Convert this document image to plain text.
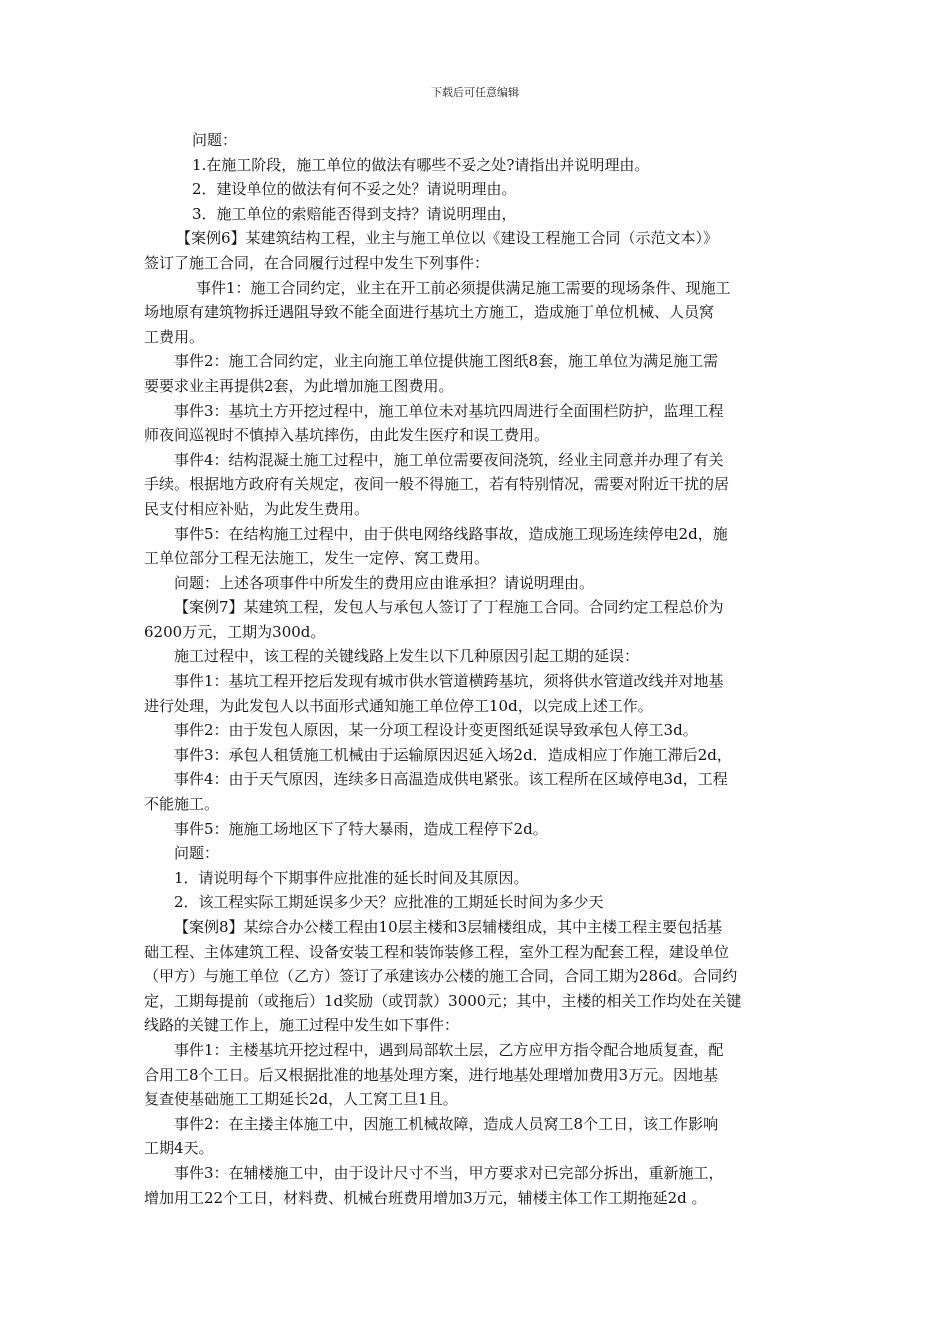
下载后可任意编辑

问题：

1.在施工阶段，施工单位的做法有哪些不妥之处?请指出并说明理由。

2．建设单位的做法有何不妥之处？请说明理由。

3．施工单位的索赔能否得到支持？请说明理由，

【案例6】某建筑结构工程，业主与施工单位以《建设工程施工合同（示范文本）》

签订了施工合同，在合同履行过程中发生下列事件：

事件1：施工合同约定，业主在开工前必须提供满足施工需要的现场条件、现施工

场地原有建筑物拆迁遇阻导致不能全面进行基坑土方施工，造成施丁单位机械、人员窝

工费用。

事件2：施工合同约定，业主向施工单位提供施工图纸8套，施工单位为满足施工需

要要求业主再提供2套，为此增加施工图费用。

事件3：基坑土方开挖过程中，施工单位未对基坑四周进行全面围栏防护，监理工程

师夜间巡视时不慎掉入基坑摔伤，由此发生医疗和误工费用。

事件4：结构混凝土施工过程中，施工单位需要夜间浇筑，经业主同意并办理了有关

手续。根据地方政府有关规定，夜间一般不得施工，若有特别情况，需要对附近干扰的居

民支付相应补贴，为此发生费用。

事件5：在结构施工过程中，由于供电网络线路事故，造成施工现场连续停电2d，施

工单位部分工程无法施工，发生一定停、窝工费用。

问题：上述各项事件中所发生的费用应由谁承担？请说明理由。

【案例7】某建筑工程，发包人与承包人签订了丁程施工合同。合同约定工程总价为

6200万元，工期为300d。

施工过程中，该工程的关键线路上发生以下几种原因引起工期的延误：

事件1：基坑工程开挖后发现有城市供水管道横跨基坑，须将供水管道改线并对地基

进行处理，为此发包人以书面形式通知施工单位停工10d，以完成上述工作。

事件2：由于发包人原因，某一分项工程设计变更图纸延误导致承包人停工3d。

事件3：承包人租赁施工机械由于运输原因迟延入场2d．造成相应丁作施工滞后2d，

事件4：由于天气原因，连续多日高温造成供电紧张。该工程所在区域停电3d，工程

不能施工。

事件5：施施工场地区下了特大暴雨，造成工程停下2d。

问题：

1．请说明每个下期事件应批准的延长时间及其原因。

2．该工程实际工期延误多少天？应批准的工期延长时间为多少天

【案例8】某综合办公楼工程由10层主楼和3层辅楼组成，其中主楼工程主要包括基

础工程、主体建筑工程、设备安装工程和装饰装修工程，室外工程为配套工程，建设单位

（甲方）与施工单位（乙方）签订了承建该办公楼的施工合同，合同工期为286d。合同约

定，工期每提前（或拖后）1d奖励（或罚款）3000元；其中，主楼的相关工作均处在关键

线路的关键工作上，施工过程中发生如下事件：

事件1：主楼基坑开挖过程中，遇到局部软土层，乙方应甲方指令配合地质复查，配

合用工8个工日。后又根据批准的地基处理方案，进行地基处理增加费用3万元。因地基

复查使基础施工工期延长2d，人工窝工旦1且。

事件2：在主搂主体施工中，因施工机械故障，造成人员窝工8个工日，该工作影响

工期4天。

事件3：在辅楼施工中，由于设计尺寸不当，甲方要求对已完部分拆出，重新施工，

增加用工22个工日，材料费、机械台班费用增加3万元，辅楼主体工作工期拖延2d 。
